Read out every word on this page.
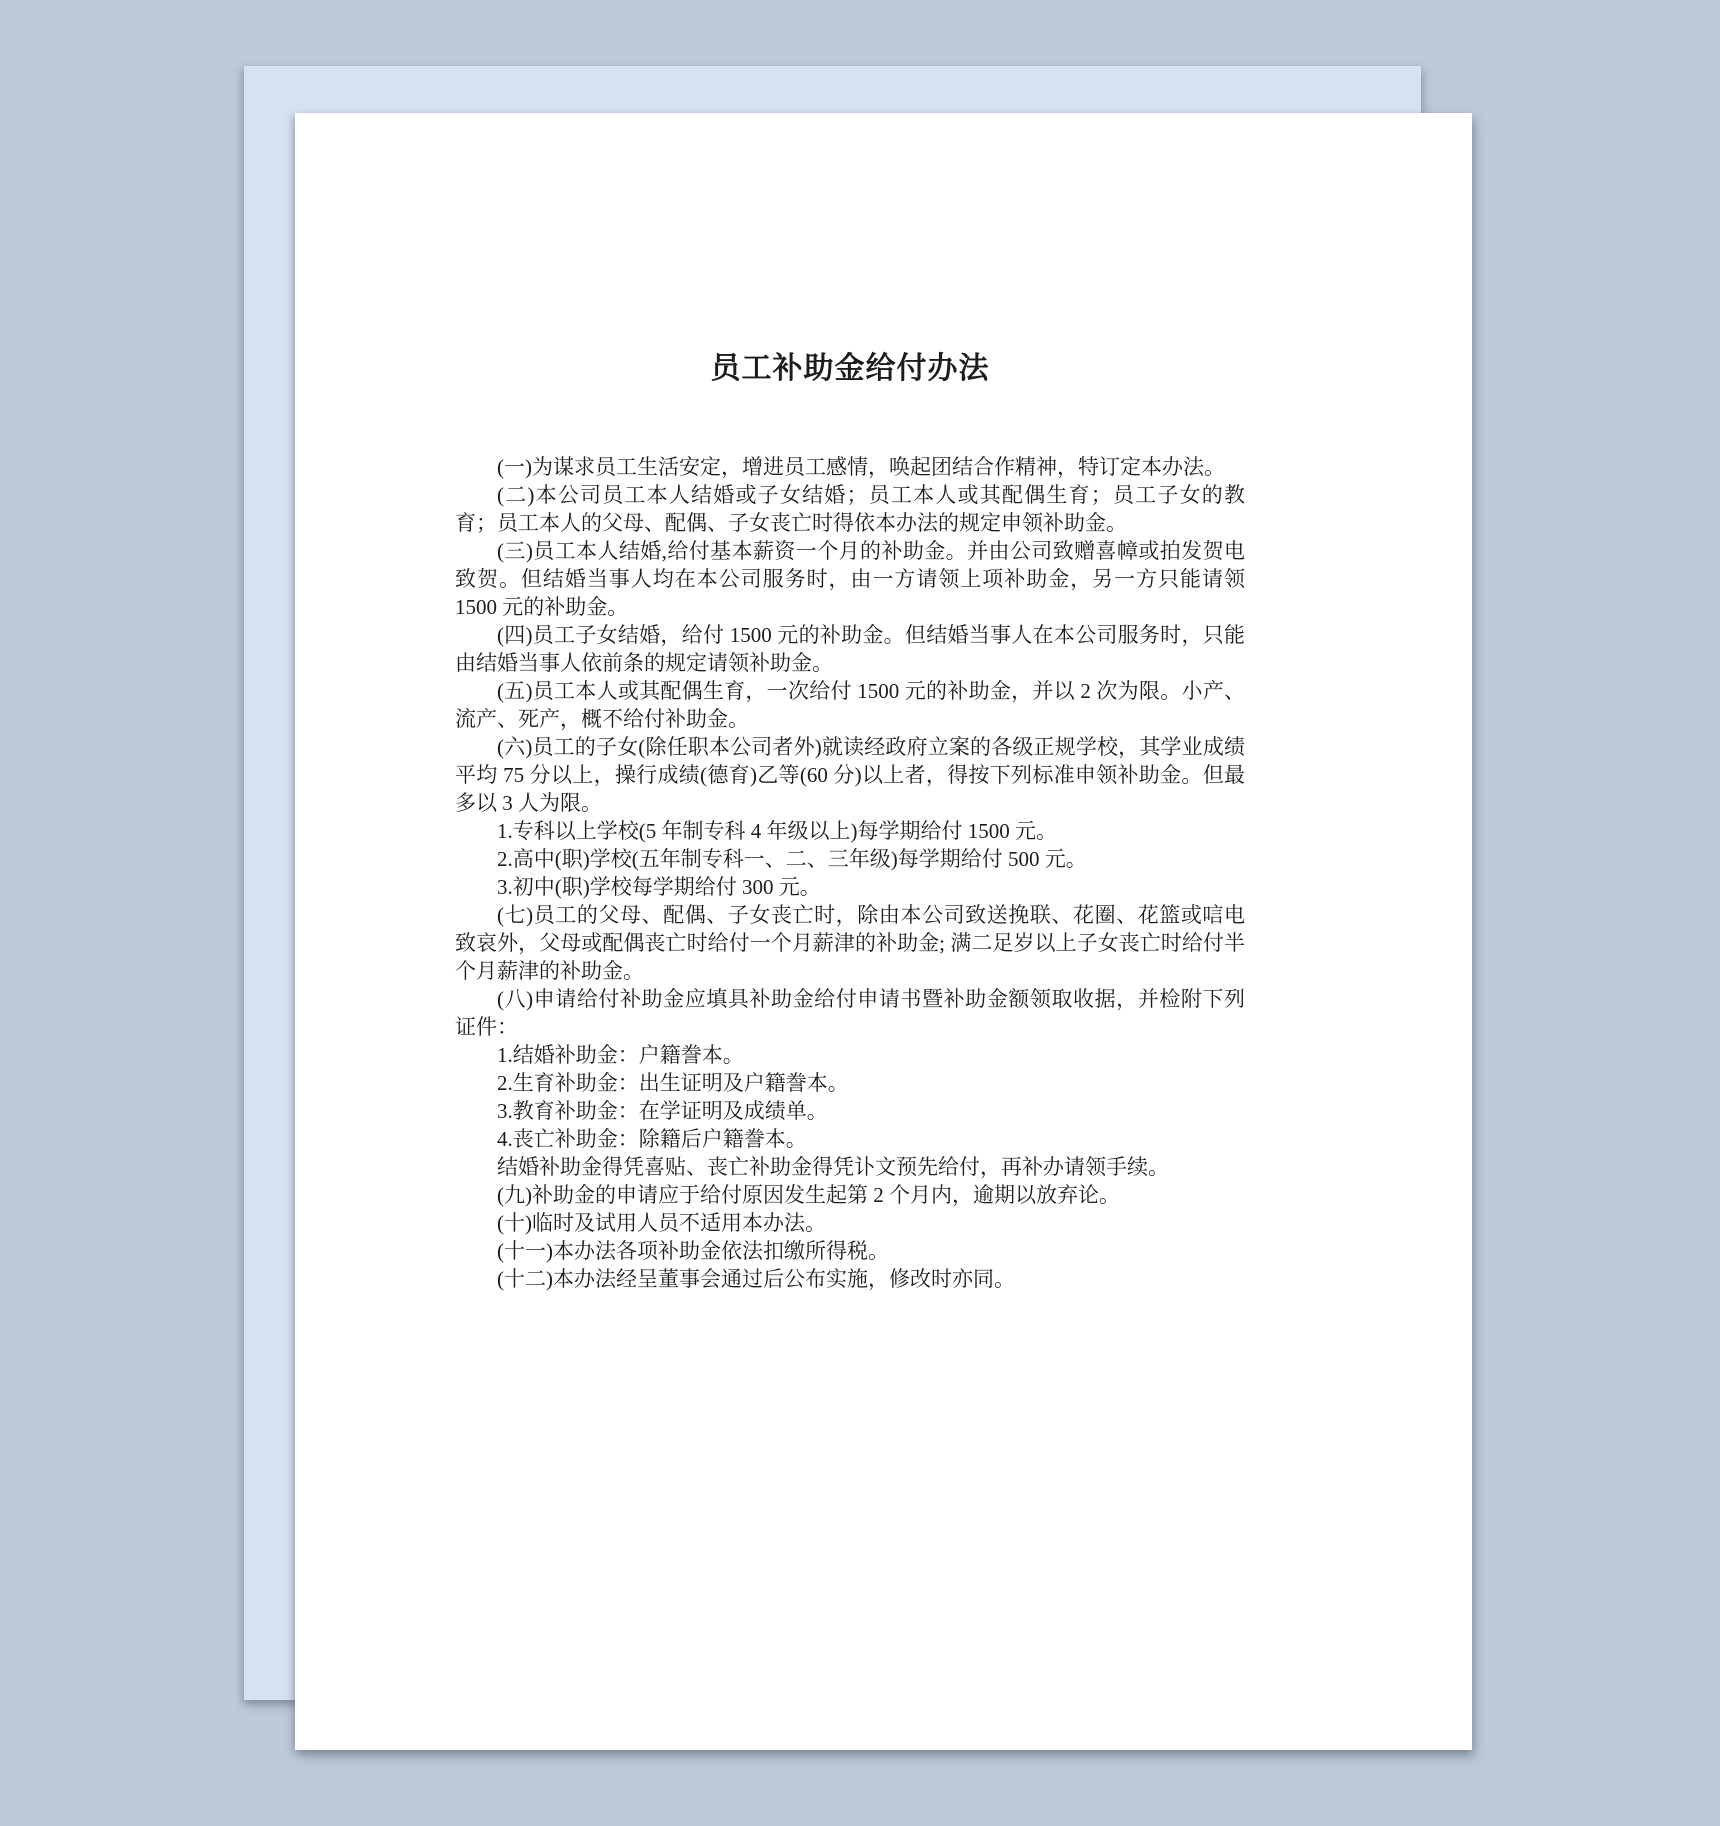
员工补助金给付办法

(一)为谋求员工生活安定，增进员工感情，唤起团结合作精神，特订定本办法。

(二)本公司员工本人结婚或子女结婚；员工本人或其配偶生育；员工子女的教育；员工本人的父母、配偶、子女丧亡时得依本办法的规定申领补助金。

(三)员工本人结婚,给付基本薪资一个月的补助金。并由公司致赠喜幛或拍发贺电致贺。但结婚当事人均在本公司服务时，由一方请领上项补助金，另一方只能请领 1500 元的补助金。

(四)员工子女结婚，给付 1500 元的补助金。但结婚当事人在本公司服务时，只能由结婚当事人依前条的规定请领补助金。

(五)员工本人或其配偶生育，一次给付 1500 元的补助金，并以 2 次为限。小产、流产、死产，概不给付补助金。

(六)员工的子女(除任职本公司者外)就读经政府立案的各级正规学校，其学业成绩平均 75 分以上，操行成绩(德育)乙等(60 分)以上者，得按下列标准申领补助金。但最多以 3 人为限。

1.专科以上学校(5 年制专科 4 年级以上)每学期给付 1500 元。

2.高中(职)学校(五年制专科一、二、三年级)每学期给付 500 元。

3.初中(职)学校每学期给付 300 元。

(七)员工的父母、配偶、子女丧亡时，除由本公司致送挽联、花圈、花篮或唁电致哀外，父母或配偶丧亡时给付一个月薪津的补助金; 满二足岁以上子女丧亡时给付半个月薪津的补助金。

(八)申请给付补助金应填具补助金给付申请书暨补助金额领取收据，并检附下列证件：

1.结婚补助金：户籍誊本。

2.生育补助金：出生证明及户籍誊本。

3.教育补助金：在学证明及成绩单。

4.丧亡补助金：除籍后户籍誊本。

结婚补助金得凭喜贴、丧亡补助金得凭讣文预先给付，再补办请领手续。

(九)补助金的申请应于给付原因发生起第 2 个月内，逾期以放弃论。

(十)临时及试用人员不适用本办法。

(十一)本办法各项补助金依法扣缴所得税。

(十二)本办法经呈董事会通过后公布实施，修改时亦同。
